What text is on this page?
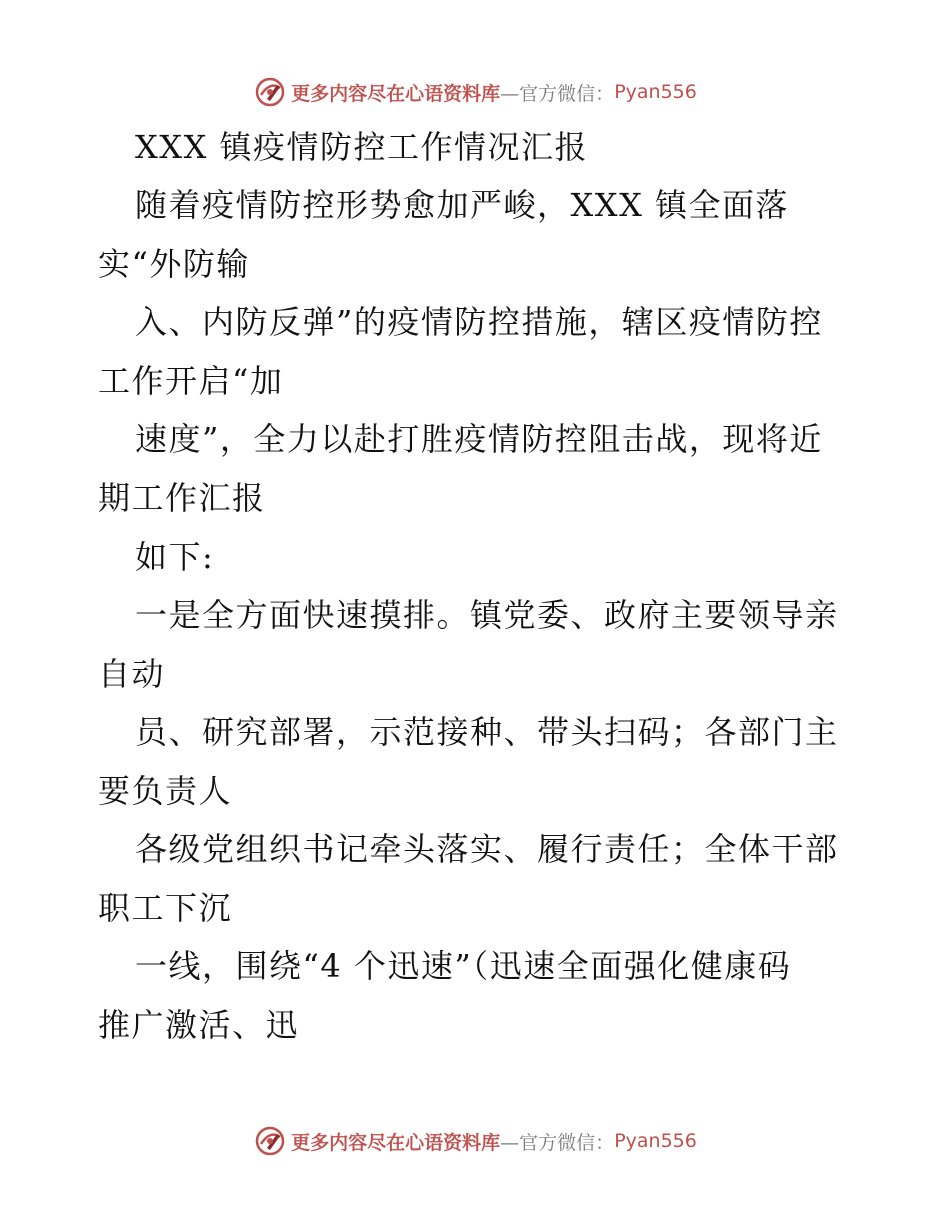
更多内容尽在心语资料库 —官方微信： Pyan556
XXX 镇疫情防控工作情况汇报
随着疫情防控形势愈加严峻，XXX 镇全面落
实“外防输
入、内防反弹”的疫情防控措施，辖区疫情防控
工作开启“加
速度”，全力以赴打胜疫情防控阻击战，现将近
期工作汇报
如下:
一是全方面快速摸排。镇党委、政府主要领导亲
自动
员、研究部署，示范接种、带头扫码；各部门主
要负责人
各级党组织书记牵头落实、履行责任；全体干部
职工下沉
一线，围绕“4 个迅速”（迅速全面强化健康码
推广激活、迅
更多内容尽在心语资料库 —官方微信： Pyan556
